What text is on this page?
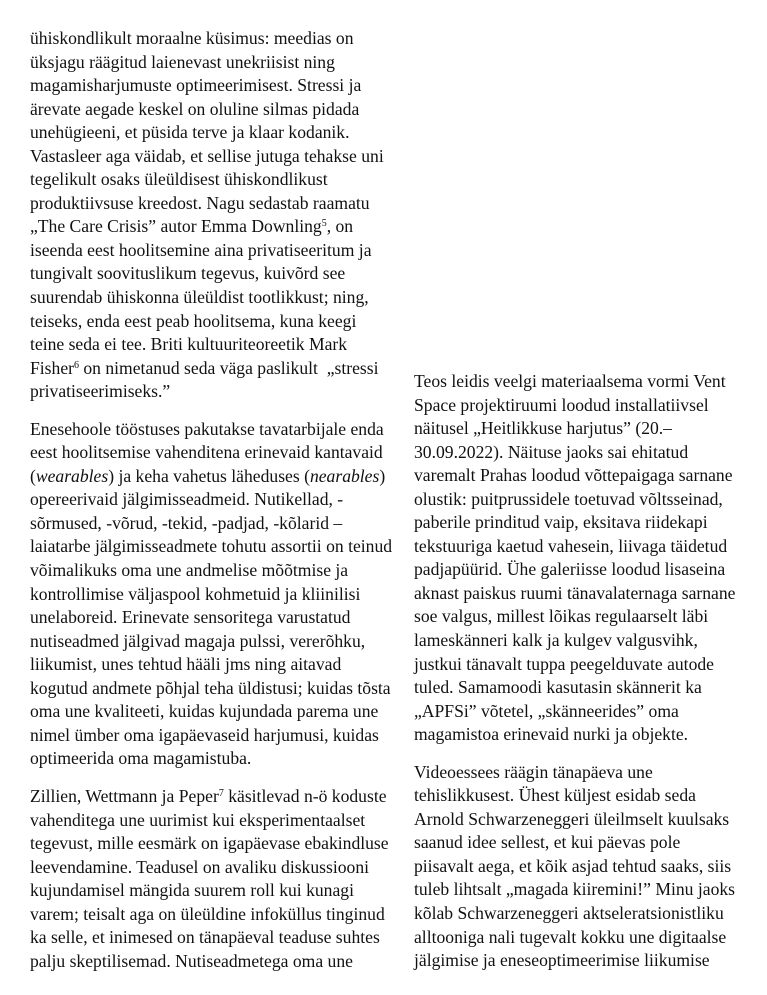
ühiskondlikult moraalne küsimus: meedias on
üksjagu räägitud laienevast unekriisist ning
magamisharjumuste optimeerimisest. Stressi ja
ärevate aegade keskel on oluline silmas pidada
unehügieeni, et püsida terve ja klaar kodanik.
Vastasleer aga väidab, et sellise jutuga tehakse uni
tegelikult osaks üleüldisest ühiskondlikust
produktiivsuse kreedost. Nagu sedastab raamatu
„The Care Crisis” autor Emma Downling$^5$, on
iseenda eest hoolitsemine aina privatiseeritum ja
tungivalt soovituslikum tegevus, kuivõrd see
suurendab ühiskonna üleüldist tootlikkust; ning,
teiseks, enda eest peab hoolitsema, kuna keegi
teine seda ei tee. Briti kultuuriteoreetik Mark
Fisher$^6$ on nimetanud seda väga paslikult  „stressi
privatiseerimiseks.”

Enesehoole tööstuses pakutakse tavatarbijale enda
eest hoolitsemise vahenditena erinevaid kantavaid
(wearables) ja keha vahetus läheduses (nearables)
opereerivaid jälgimisseadmeid. Nutikellad, -
sõrmused, -võrud, -tekid, -padjad, -kõlarid –
laiatarbe jälgimisseadmete tohutu assortii on teinud
võimalikuks oma une andmelise mõõtmise ja
kontrollimise väljaspool kohmetuid ja kliinilisi
unelaboreid. Erinevate sensoritega varustatud
nutiseadmed jälgivad magaja pulssi, vererõhku,
liikumist, unes tehtud hääli jms ning aitavad
kogutud andmete põhjal teha üldistusi; kuidas tõsta
oma une kvaliteeti, kuidas kujundada parema une
nimel ümber oma igapäevaseid harjumusi, kuidas
optimeerida oma magamistuba.

Zillien, Wettmann ja Peper$^7$ käsitlevad n-ö koduste
vahenditega une uurimist kui eksperimentaalset
tegevust, mille eesmärk on igapäevase ebakindluse
leevendamine. Teadusel on avaliku diskussiooni
kujundamisel mängida suurem roll kui kunagi
varem; teisalt aga on üleüldine infoküllus tinginud
ka selle, et inimesed on tänapäeval teaduse suhtes
palju skeptilisemad. Nutiseadmetega oma une

Teos leidis veelgi materiaalsema vormi Vent
Space projektiruumi loodud installatiivsel
näitusel „Heitlikkuse harjutus” (20.–
30.09.2022). Näituse jaoks sai ehitatud
varemalt Prahas loodud võttepaigaga sarnane
olustik: puitprussidele toetuvad võltsseinad,
paberile prinditud vaip, eksitava riidekapi
tekstuuriga kaetud vahesein, liivaga täidetud
padjapüürid. Ühe galeriisse loodud lisaseina
aknast paiskus ruumi tänavalaternaga sarnane
soe valgus, millest lõikas regulaarselt läbi
lameskänneri kalk ja kulgev valgusvihk,
justkui tänavalt tuppa peegelduvate autode
tuled. Samamoodi kasutasin skännerit ka
„APFSi” võtetel, „skänneerides” oma
magamistoa erinevaid nurki ja objekte.

Videoessees räägin tänapäeva une
tehislikkusest. Ühest küljest esidab seda
Arnold Schwarzeneggeri üleilmselt kuulsaks
saanud idee sellest, et kui päevas pole
piisavalt aega, et kõik asjad tehtud saaks, siis
tuleb lihtsalt „magada kiiremini!” Minu jaoks
kõlab Schwarzeneggeri aktseleratsionistliku
alltooniga nali tugevalt kokku une digitaalse
jälgimise ja eneseoptimeerimise liikumise
